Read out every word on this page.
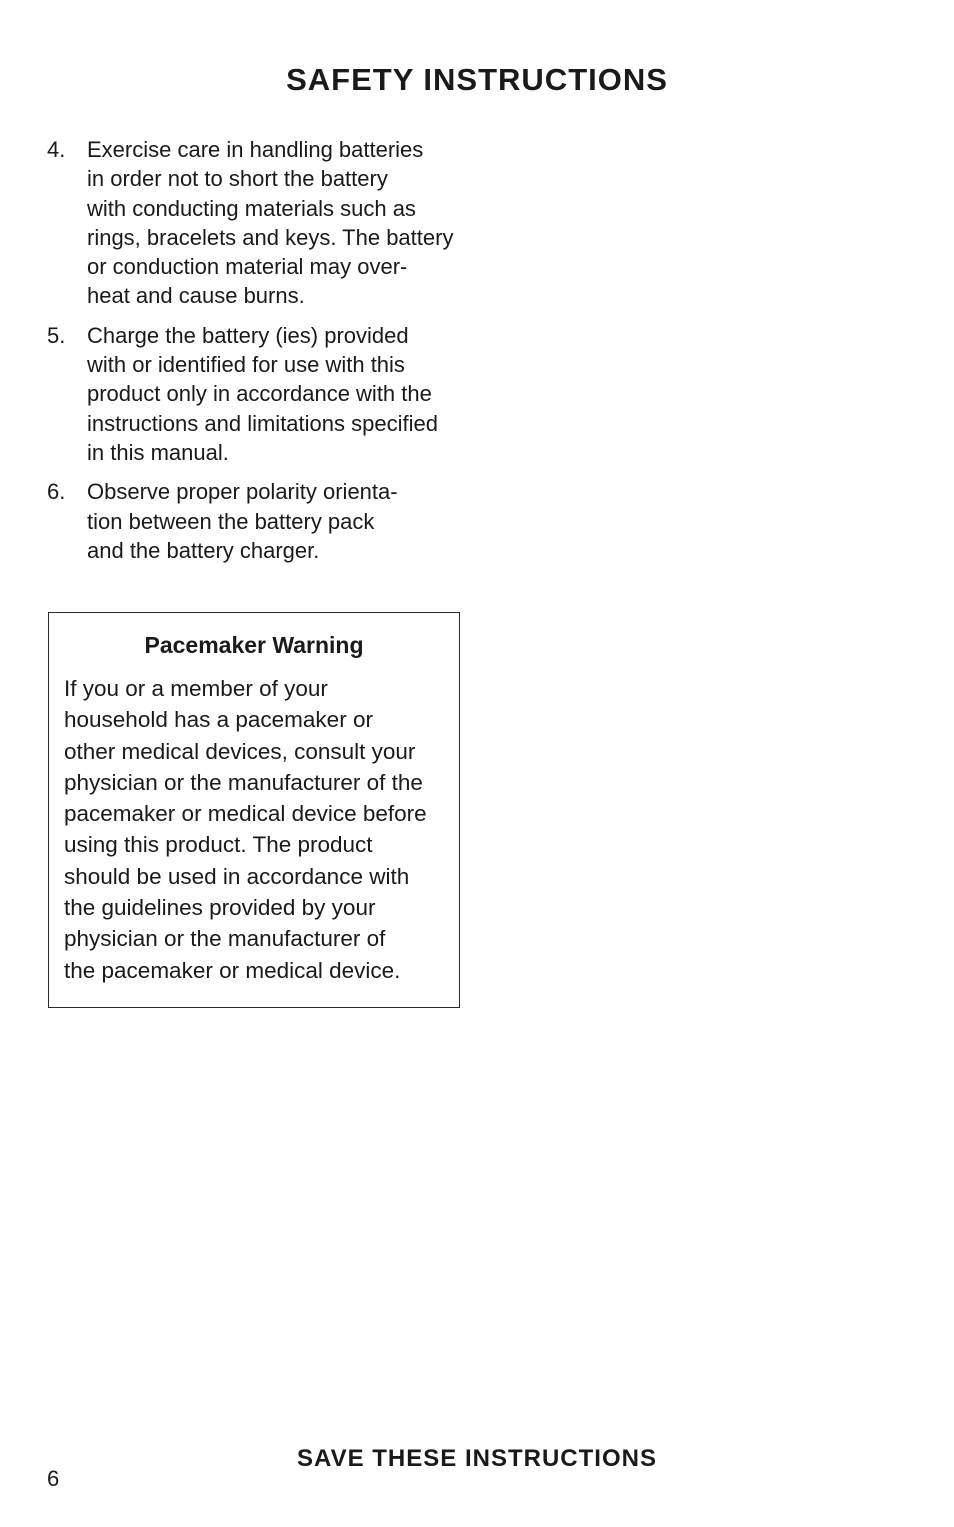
SAFETY INSTRUCTIONS
4. Exercise care in handling batteries
in order not to short the battery
with conducting materials such as
rings, bracelets and keys. The battery
or conduction material may over-
heat and cause burns.
5. Charge the battery (ies) provided
with or identified for use with this
product only in accordance with the
instructions and limitations specified
in this manual.
6. Observe proper polarity orienta-
tion between the battery pack
and the battery charger.
Pacemaker Warning
If you or a member of your
household has a pacemaker or
other medical devices, consult your
physician or the manufacturer of the
pacemaker or medical device before
using this product. The product
should be used in accordance with
the guidelines provided by your
physician or the manufacturer of
the pacemaker or medical device.
SAVE THESE INSTRUCTIONS
6
